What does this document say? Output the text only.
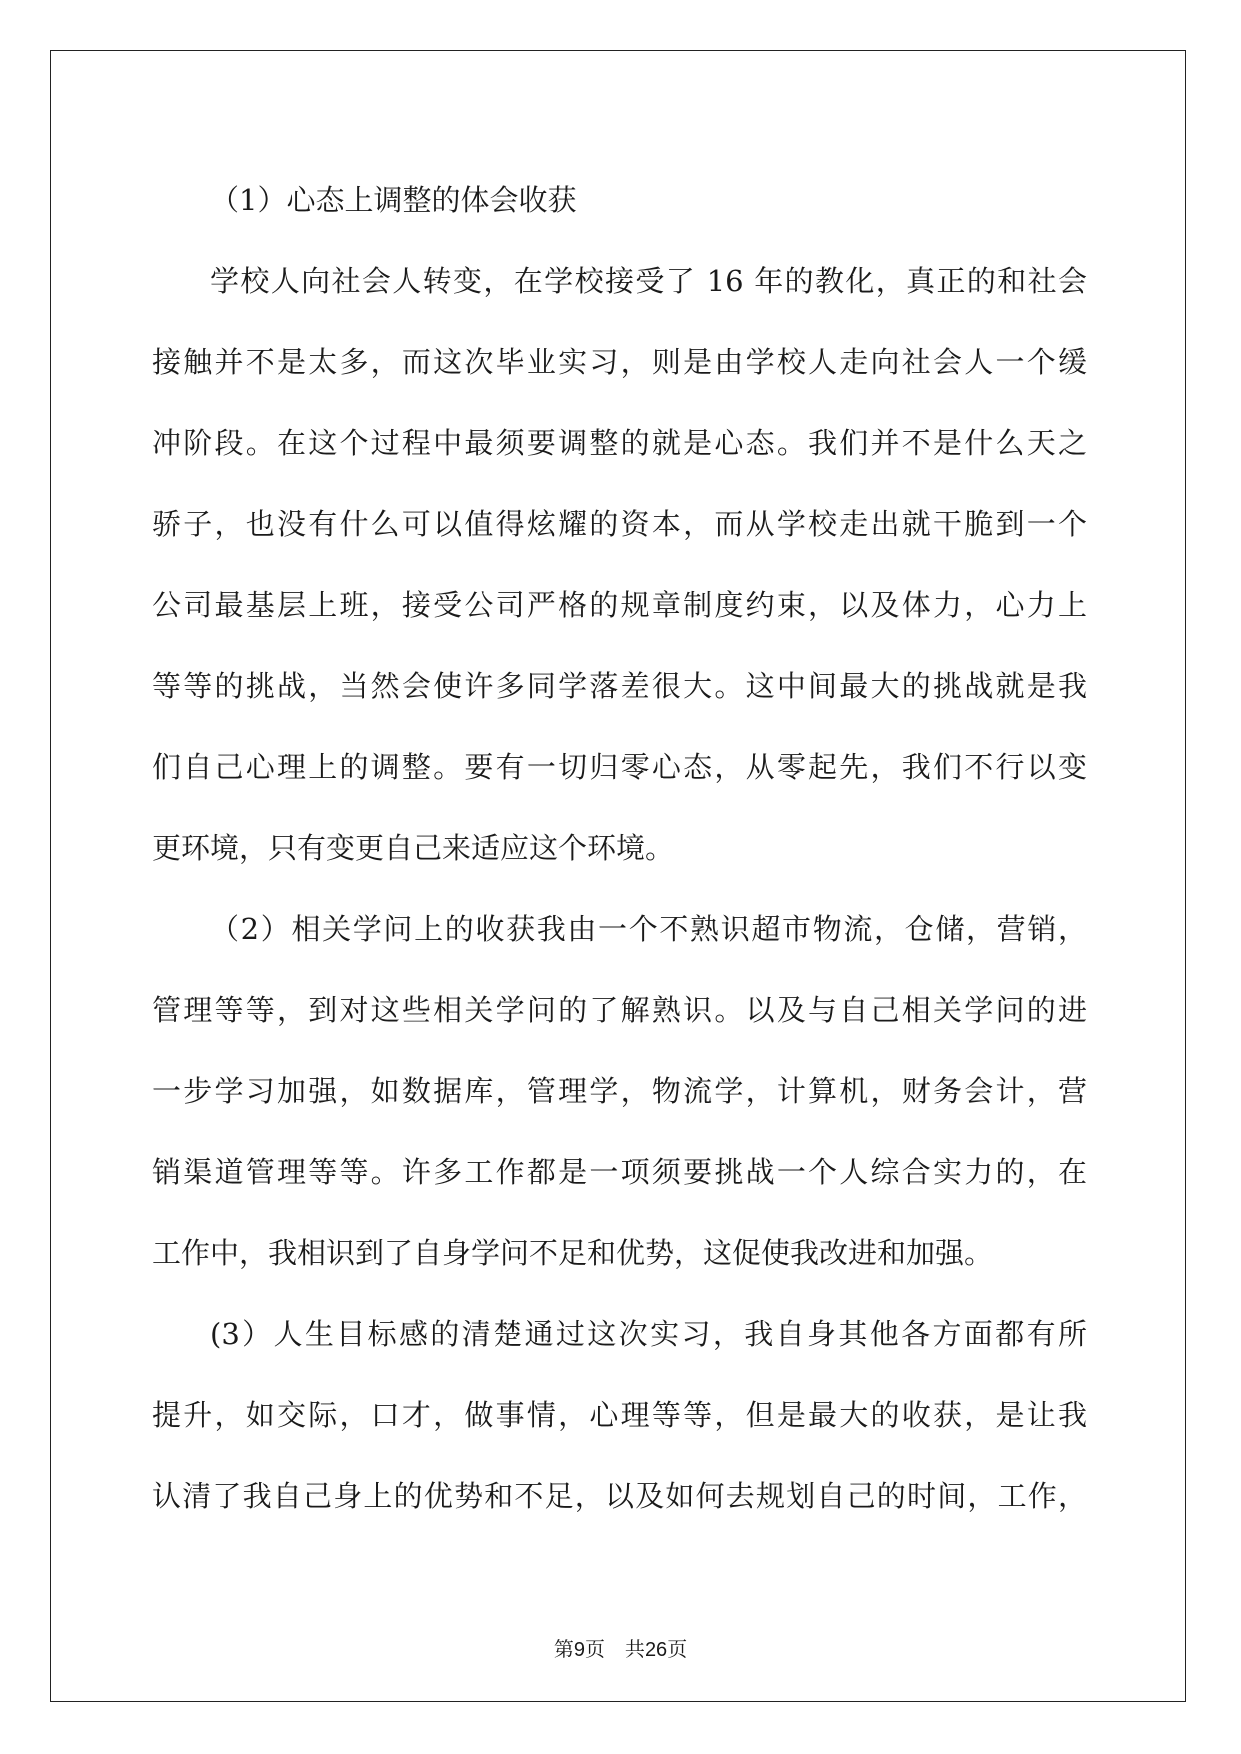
（1）心态上调整的体会收获
学校人向社会人转变，在学校接受了 16 年的教化，真正的和社会
接触并不是太多，而这次毕业实习，则是由学校人走向社会人一个缓
冲阶段。在这个过程中最须要调整的就是心态。我们并不是什么天之
骄子，也没有什么可以值得炫耀的资本，而从学校走出就干脆到一个
公司最基层上班，接受公司严格的规章制度约束，以及体力，心力上
等等的挑战，当然会使许多同学落差很大。这中间最大的挑战就是我
们自己心理上的调整。要有一切归零心态，从零起先，我们不行以变
更环境，只有变更自己来适应这个环境。
（2）相关学问上的收获我由一个不熟识超市物流，仓储，营销，
管理等等，到对这些相关学问的了解熟识。以及与自己相关学问的进
一步学习加强，如数据库，管理学，物流学，计算机，财务会计，营
销渠道管理等等。许多工作都是一项须要挑战一个人综合实力的，在
工作中，我相识到了自身学问不足和优势，这促使我改进和加强。
(3）人生目标感的清楚通过这次实习，我自身其他各方面都有所
提升，如交际，口才，做事情，心理等等，但是最大的收获，是让我
认清了我自己身上的优势和不足，以及如何去规划自己的时间，工作，
第9页　共26页
